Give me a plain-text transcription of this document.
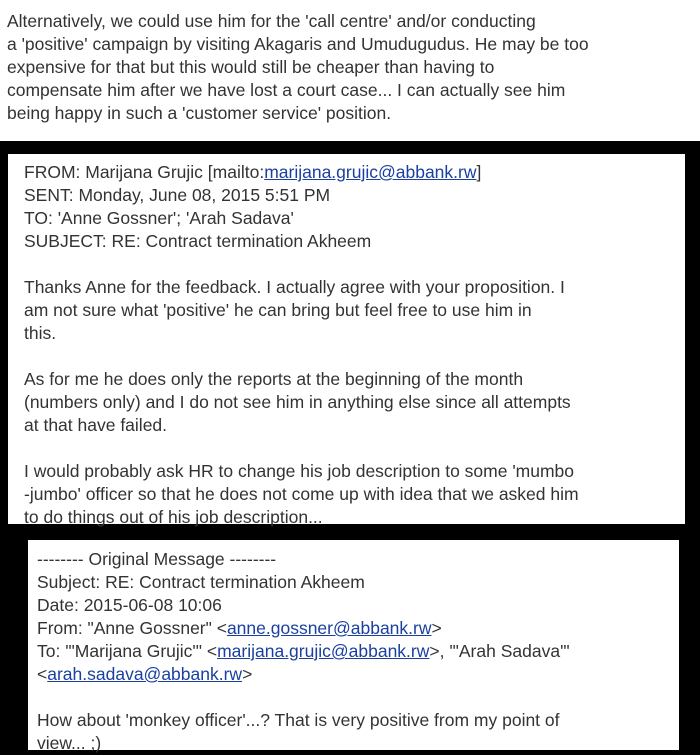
Alternatively, we could use him for the 'call centre' and/or conducting

a 'positive' campaign by visiting Akagaris and Umudugudus. He may be too

expensive for that but this would still be cheaper than having to

compensate him after we have lost a court case... I can actually see him

being happy in such a 'customer service' position.

FROM: Marijana Grujic [mailto:marijana.grujic@abbank.rw]

SENT: Monday, June 08, 2015 5:51 PM

TO: 'Anne Gossner'; 'Arah Sadava'

SUBJECT: RE: Contract termination Akheem

Thanks Anne for the feedback. I actually agree with your proposition. I

am not sure what 'positive' he can bring but feel free to use him in

this.

As for me he does only the reports at the beginning of the month

(numbers only) and I do not see him in anything else since all attempts

at that have failed.

I would probably ask HR to change his job description to some 'mumbo

-jumbo' officer so that he does not come up with idea that we asked him

to do things out of his job description...

-------- Original Message --------

Subject: RE: Contract termination Akheem

Date: 2015-06-08 10:06

From: "Anne Gossner" <anne.gossner@abbank.rw>

To: '"Marijana Grujic'" <marijana.grujic@abbank.rw>, '"Arah Sadava'"

<arah.sadava@abbank.rw>

How about 'monkey officer'...? That is very positive from my point of

view... ;)
